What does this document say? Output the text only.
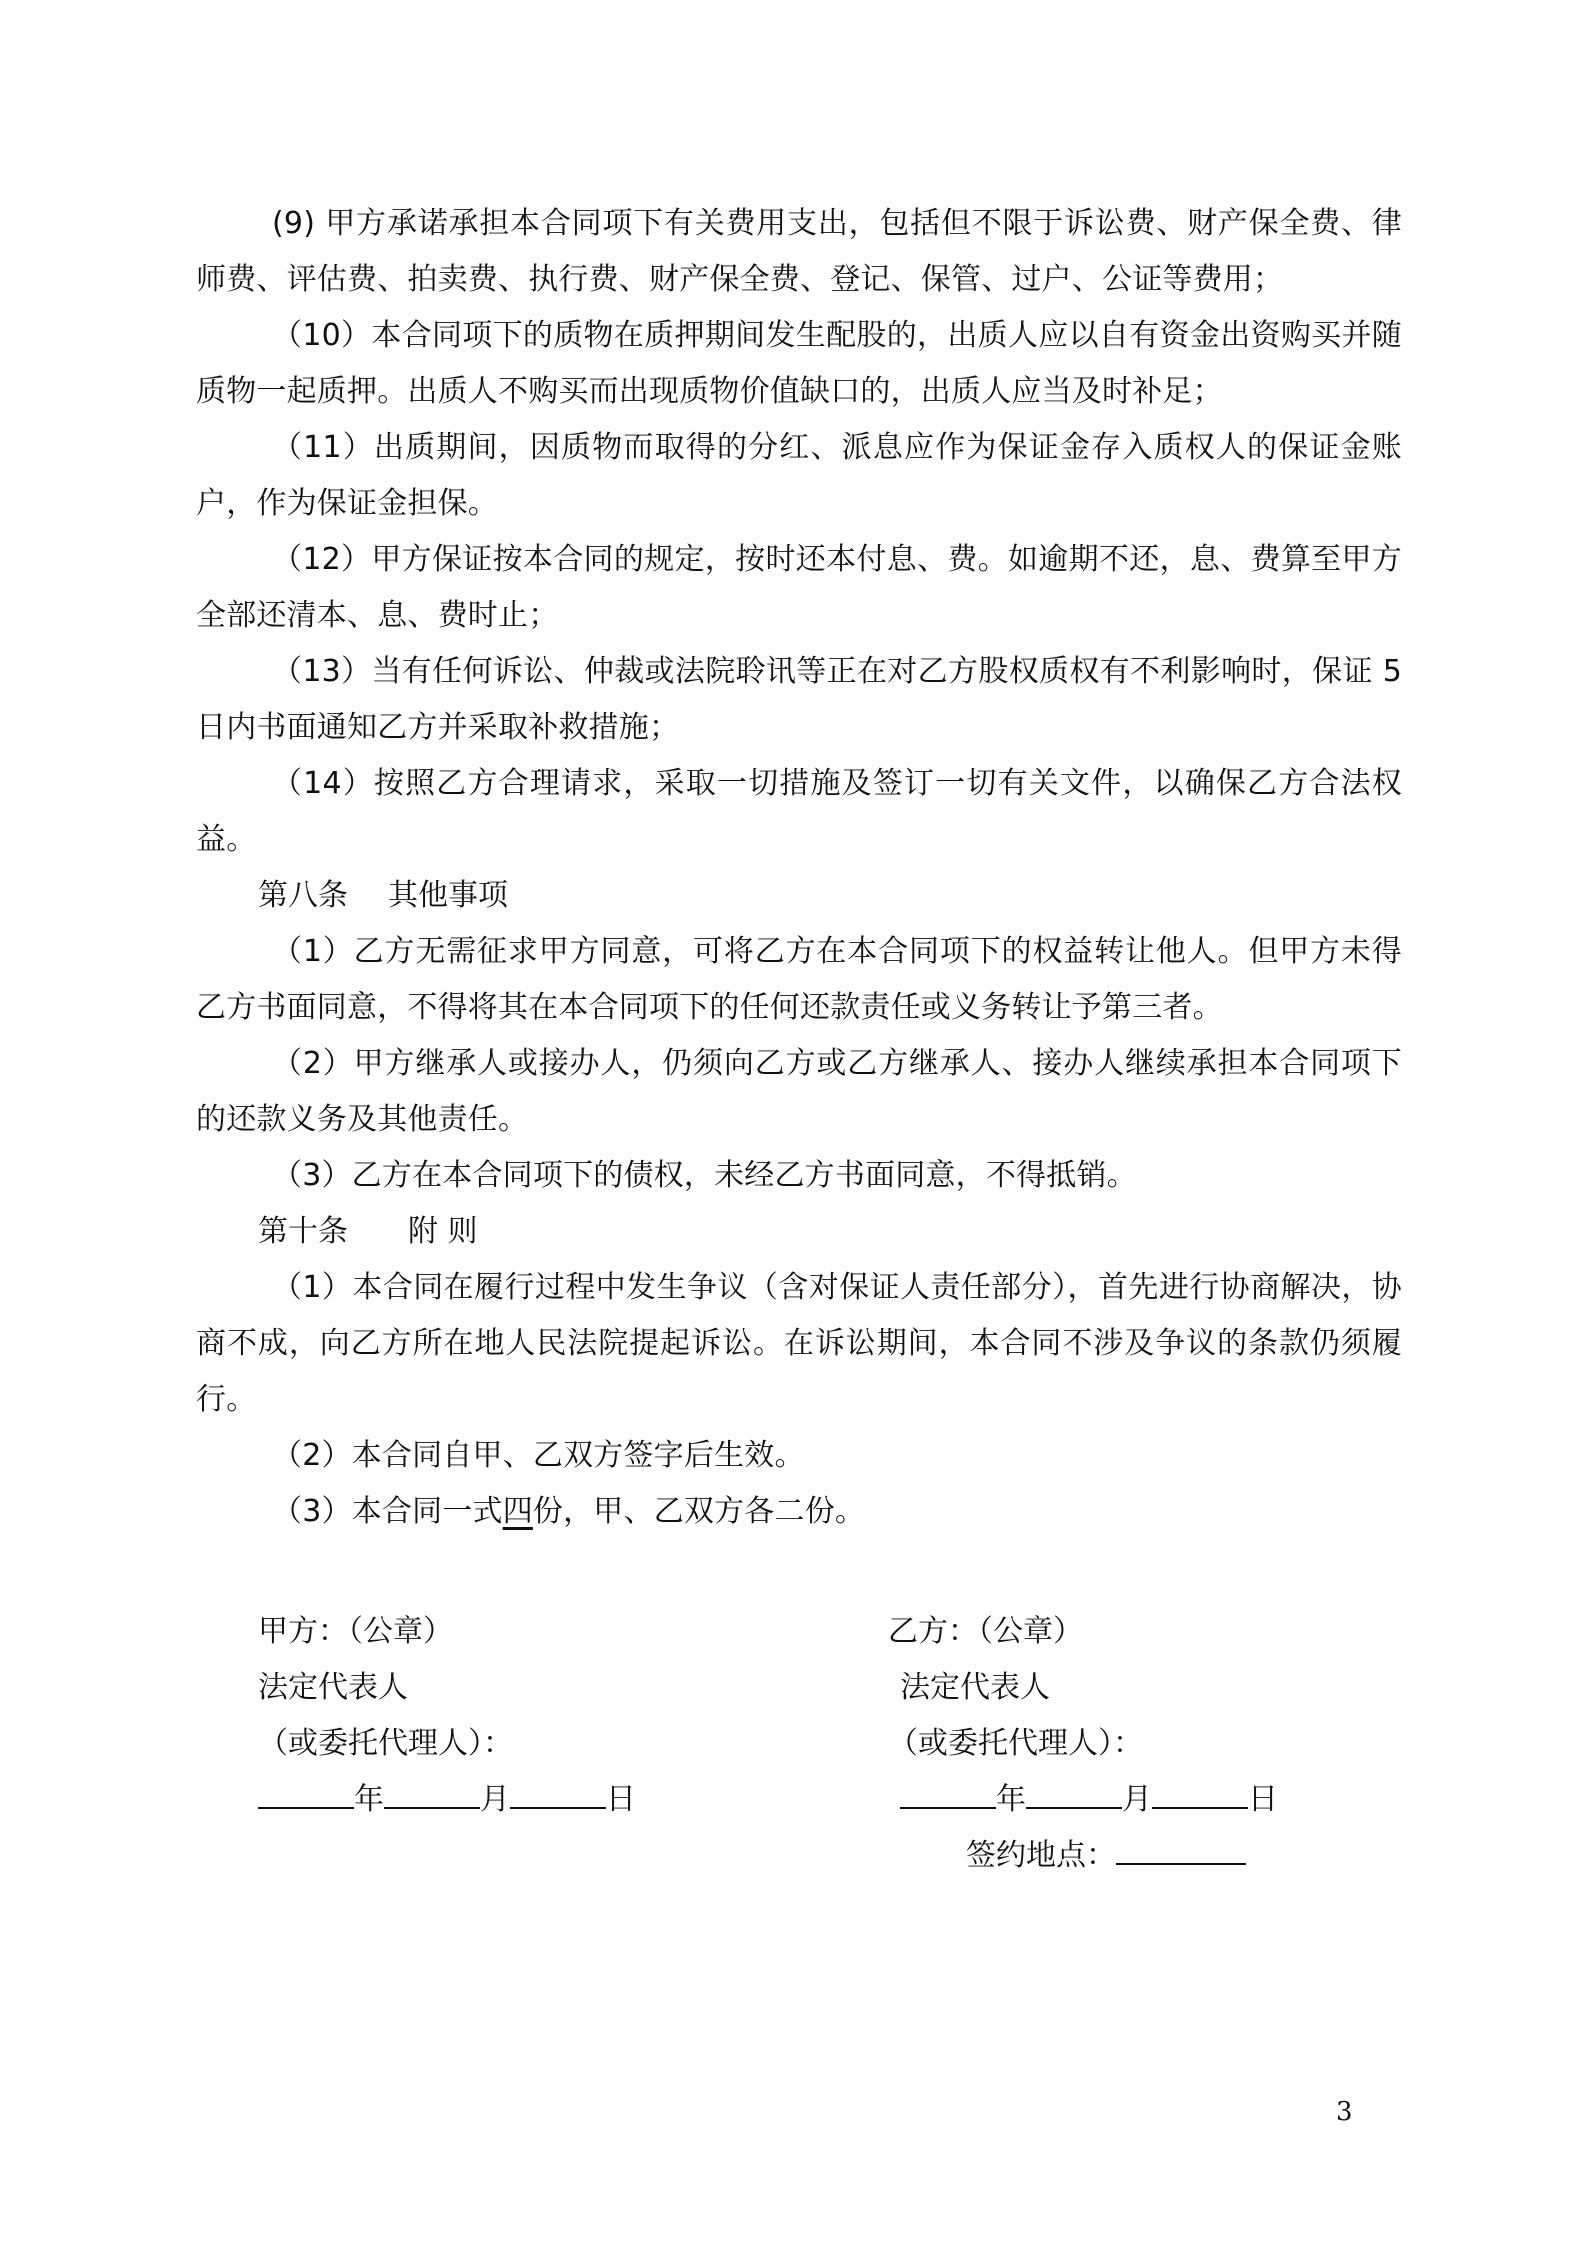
(9) 甲方承诺承担本合同项下有关费用支出，包括但不限于诉讼费、财产保全费、律师费、评估费、拍卖费、执行费、财产保全费、登记、保管、过户、公证等费用；

（10）本合同项下的质物在质押期间发生配股的，出质人应以自有资金出资购买并随质物一起质押。出质人不购买而出现质物价值缺口的，出质人应当及时补足；

（11）出质期间，因质物而取得的分红、派息应作为保证金存入质权人的保证金账户，作为保证金担保。

（12）甲方保证按本合同的规定，按时还本付息、费。如逾期不还，息、费算至甲方全部还清本、息、费时止；

（13）当有任何诉讼、仲裁或法院聆讯等正在对乙方股权质权有不利影响时，保证 5 日内书面通知乙方并采取补救措施；

（14）按照乙方合理请求，采取一切措施及签订一切有关文件，以确保乙方合法权益。

第八条 其他事项

（1）乙方无需征求甲方同意，可将乙方在本合同项下的权益转让他人。但甲方未得乙方书面同意，不得将其在本合同项下的任何还款责任或义务转让予第三者。

（2）甲方继承人或接办人，仍须向乙方或乙方继承人、接办人继续承担本合同项下的还款义务及其他责任。

（3）乙方在本合同项下的债权，未经乙方书面同意，不得抵销。

第十条 附 则

（1）本合同在履行过程中发生争议（含对保证人责任部分），首先进行协商解决，协商不成，向乙方所在地人民法院提起诉讼。在诉讼期间，本合同不涉及争议的条款仍须履行。

（2）本合同自甲、乙双方签字后生效。

（3）本合同一式四份，甲、乙双方各二份。

甲方：（公章）
法定代表人
（或委托代理人）：
年	月	日
乙方：（公章）
法定代表人
（或委托代理人）：
年	月	日
签约地点：
3
